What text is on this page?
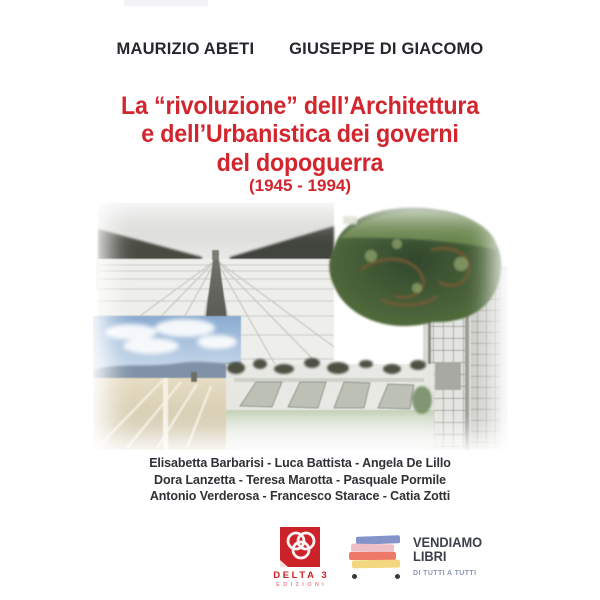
MAURIZIO ABETI GIUSEPPE DI GIACOMO
La “rivoluzione” dell’Architettura
e dell’Urbanistica dei governi
del dopoguerra
(1945 - 1994)
Elisabetta Barbarisi - Luca Battista - Angela De Lillo
Dora Lanzetta - Teresa Marotta - Pasquale Pormile
Antonio Verderosa - Francesco Starace - Catia Zotti
DELTA 3
EDIZIONI
VENDIAMO
LIBRI
DI TUTTI A TUTTI
